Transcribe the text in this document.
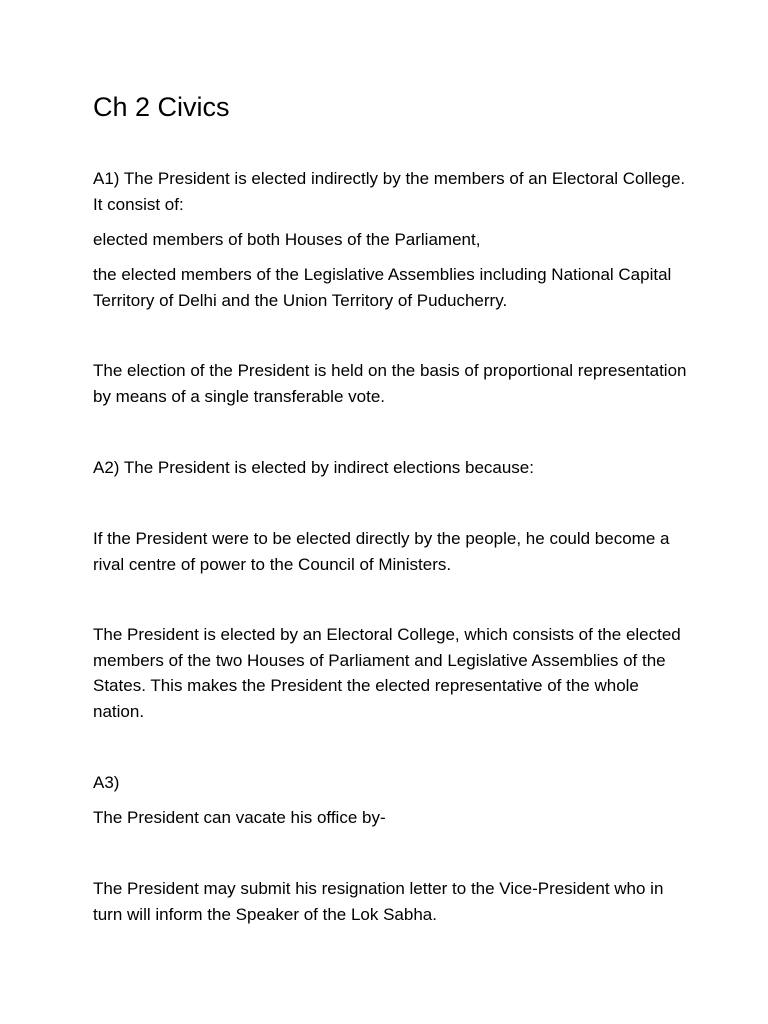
Ch 2 Civics

A1) The President is elected indirectly by the members of an Electoral College. It consist of:

elected members of both Houses of the Parliament,

the elected members of the Legislative Assemblies including National Capital Territory of Delhi and the Union Territory of Puducherry.

The election of the President is held on the basis of proportional representation by means of a single transferable vote.

A2) The President is elected by indirect elections because:

If the President were to be elected directly by the people, he could become a rival centre of power to the Council of Ministers.

The President is elected by an Electoral College, which consists of the elected members of the two Houses of Parliament and Legislative Assemblies of the States. This makes the President the elected representative of the whole nation.

A3)

The President can vacate his office by-

The President may submit his resignation letter to the Vice-President who in turn will inform the Speaker of the Lok Sabha.
